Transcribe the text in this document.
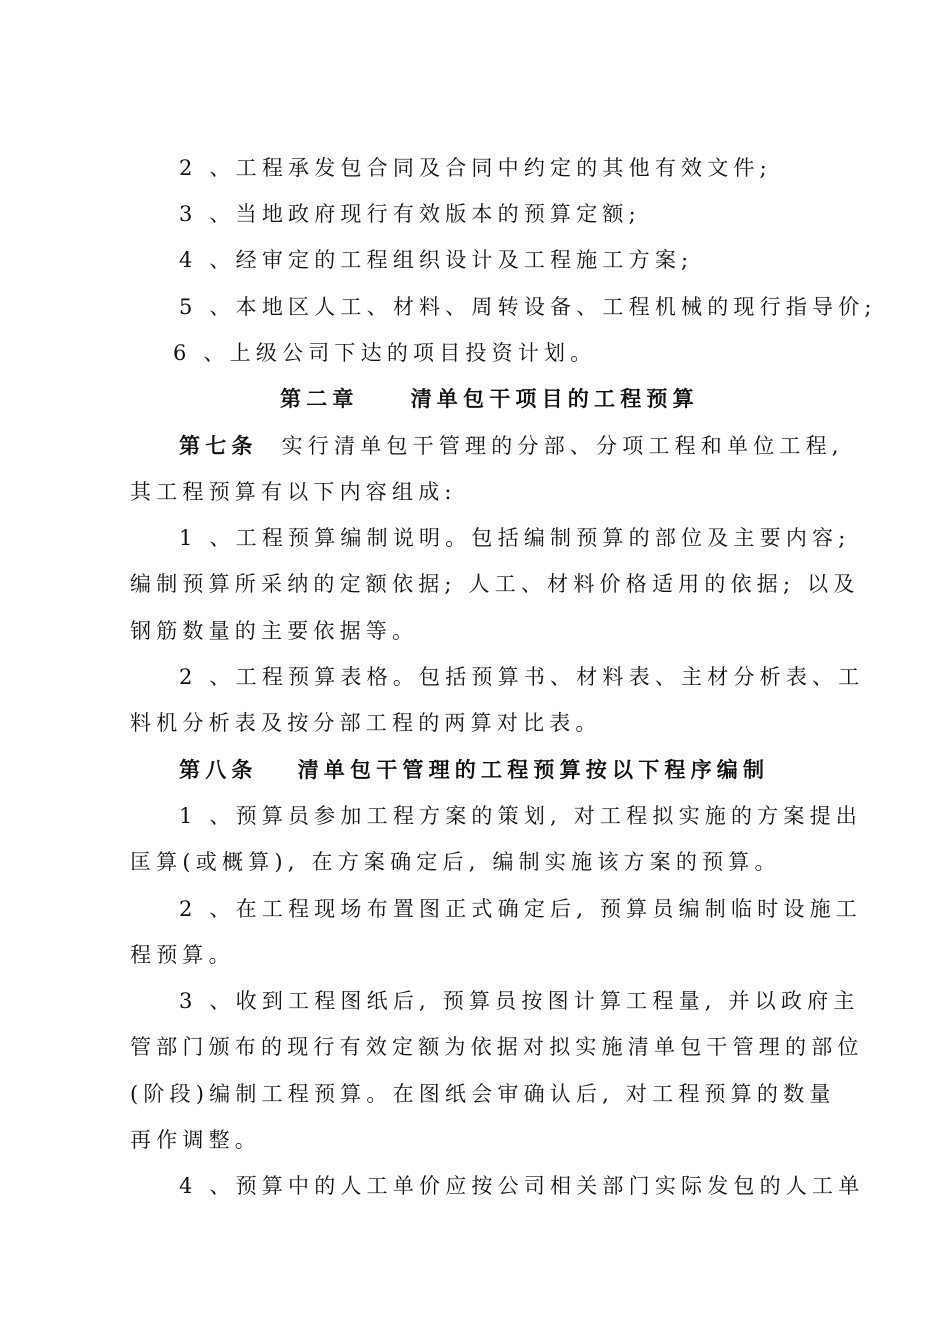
2 、工程承发包合同及合同中约定的其他有效文件;
3 、当地政府现行有效版本的预算定额;
4 、经审定的工程组织设计及工程施工方案;
5 、本地区人工、材料、周转设备、工程机械的现行指导价;
6 、上级公司下达的项目投资计划。
第二章 清单包干项目的工程预算
第七条 实行清单包干管理的分部、分项工程和单位工程,
其工程预算有以下内容组成:
1 、工程预算编制说明。包括编制预算的部位及主要内容;
编制预算所采纳的定额依据; 人工、材料价格适用的依据; 以及
钢筋数量的主要依据等。
2 、工程预算表格。包括预算书、材料表、主材分析表、工
料机分析表及按分部工程的两算对比表。
第八条 清单包干管理的工程预算按以下程序编制
1 、预算员参加工程方案的策划, 对工程拟实施的方案提出
匡算(或概算), 在方案确定后, 编制实施该方案的预算。
2 、在工程现场布置图正式确定后, 预算员编制临时设施工
程预算。
3 、收到工程图纸后, 预算员按图计算工程量, 并以政府主
管部门颁布的现行有效定额为依据对拟实施清单包干管理的部位
(阶段)编制工程预算。在图纸会审确认后, 对工程预算的数量
再作调整。
4 、预算中的人工单价应按公司相关部门实际发包的人工单
